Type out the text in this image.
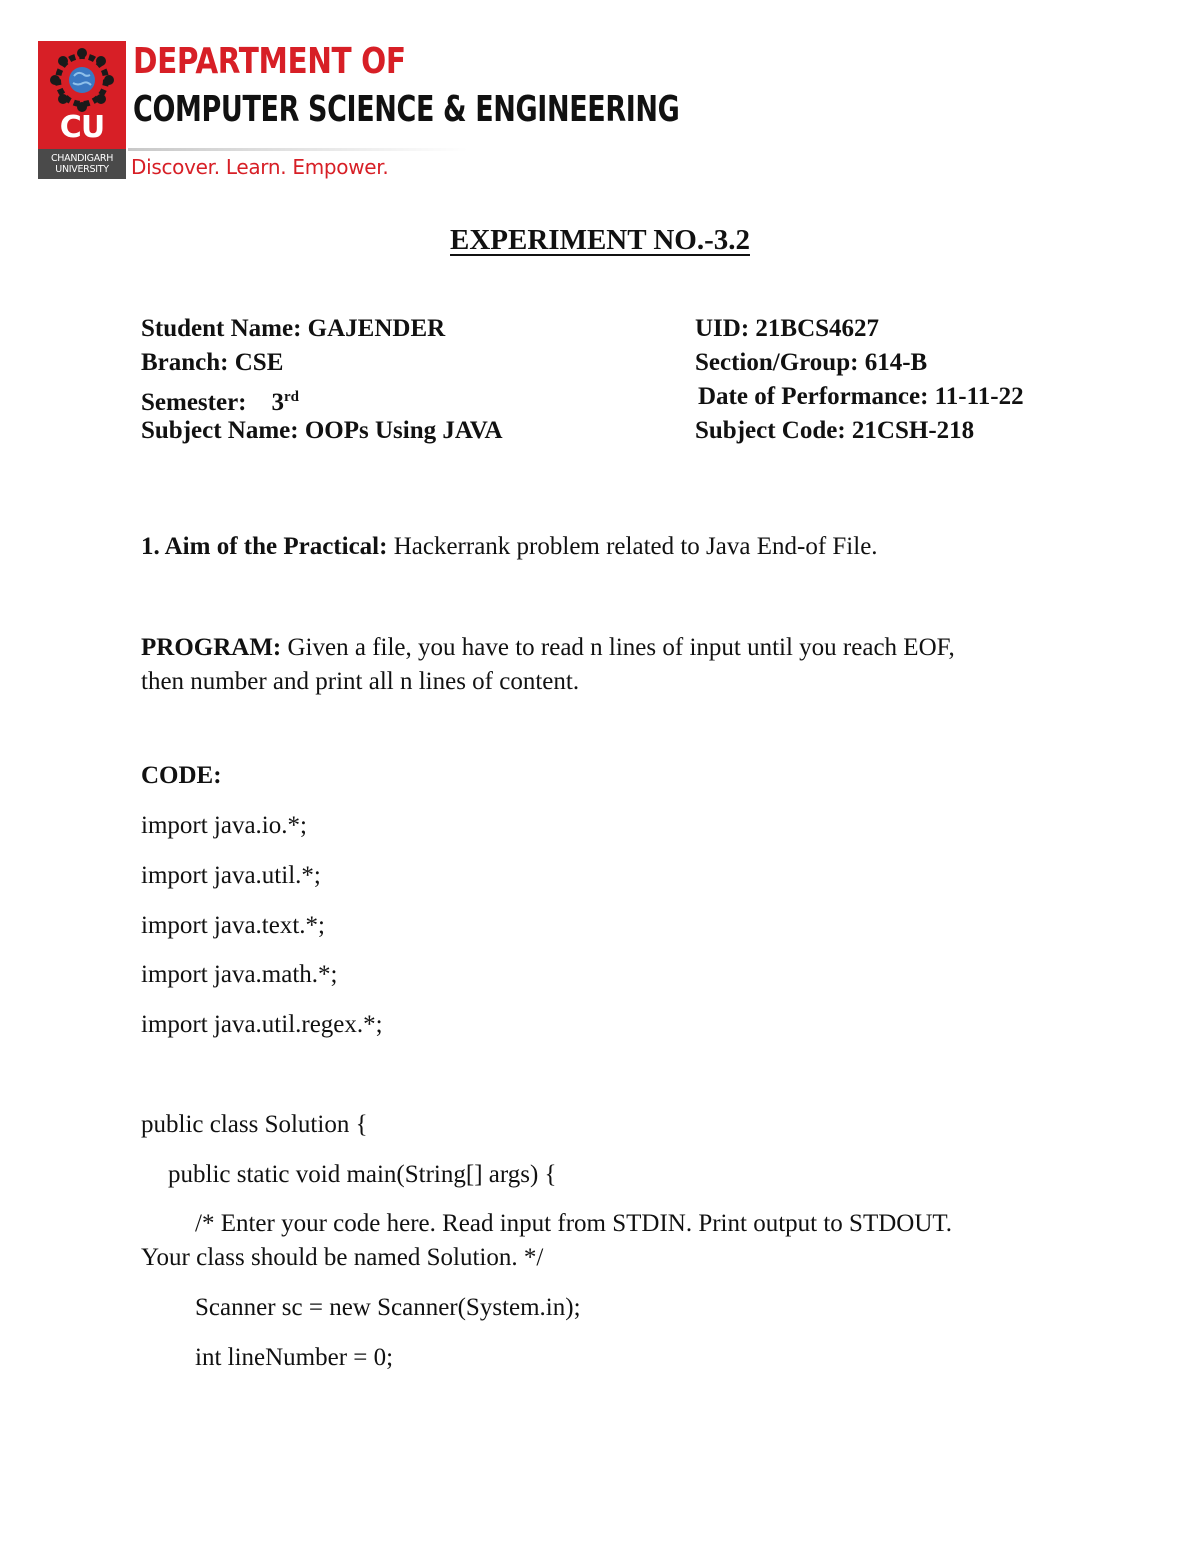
CU
CHANDIGARH
UNIVERSITY
DEPARTMENT OF
COMPUTER SCIENCE & ENGINEERING
Discover. Learn. Empower.
EXPERIMENT NO.-3.2
Student Name: GAJENDER
Branch: CSE
Semester: 3rd
Subject Name: OOPs Using JAVA
UID: 21BCS4627
Section/Group: 614-B
Date of Performance: 11-11-22
Subject Code: 21CSH-218
1. Aim of the Practical: Hackerrank problem related to Java End-of File.
PROGRAM: Given a file, you have to read n lines of input until you reach EOF,
then number and print all n lines of content.
CODE:
import java.io.*;
import java.util.*;
import java.text.*;
import java.math.*;
import java.util.regex.*;
public class Solution {
public static void main(String[] args) {
/* Enter your code here. Read input from STDIN. Print output to STDOUT.
Your class should be named Solution. */
Scanner sc = new Scanner(System.in);
int lineNumber = 0;
